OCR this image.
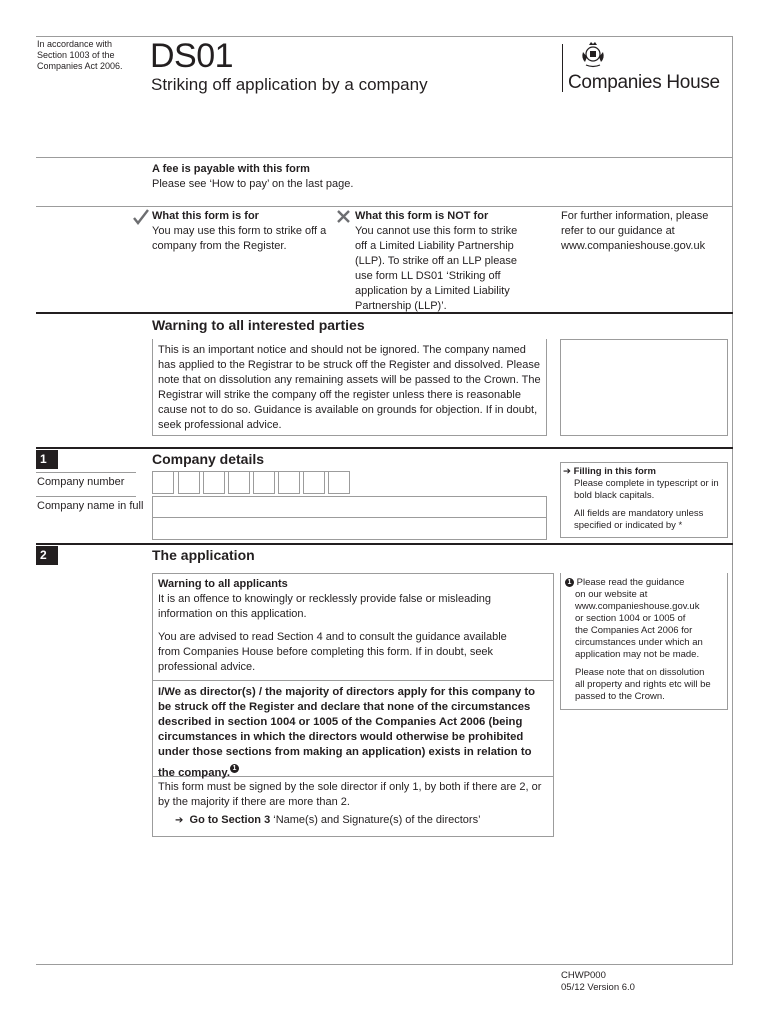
In accordance with
Section 1003 of the
Companies Act 2006. DS01
Striking off application by a company	Companies House
A fee is payable with this form
Please see ‘How to pay’ on the last page.
What this form is for
You may use this form to strike off a
company from the Register.
What this form is NOT for
You cannot use this form to strike
off a Limited Liability Partnership
(LLP). To strike off an LLP please
use form LL DS01 ‘Striking off
application by a Limited Liability
Partnership (LLP)’.
For further information, please
refer to our guidance at
www.companieshouse.gov.uk
Warning to all interested parties
This is an important notice and should not be ignored. The company named
has applied to the Registrar to be struck off the Register and dissolved. Please
note that on dissolution any remaining assets will be passed to the Crown. The
Registrar will strike the company off the register unless there is reasonable
cause not to do so. Guidance is available on grounds for objection. If in doubt,
seek professional advice.
1	Company details
Company number
Company name in full
➔ Filling in this form
Please complete in typescript or in
bold black capitals.
All fields are mandatory unless
specified or indicated by *
2	The application
Warning to all applicants
It is an offence to knowingly or recklessly provide false or misleading
information on this application.
You are advised to read Section 4 and to consult the guidance available
from Companies House before completing this form. If in doubt, seek
professional advice.
I/We as director(s) / the majority of directors apply for this company to
be struck off the Register and declare that none of the circumstances
described in section 1004 or 1005 of the Companies Act 2006 (being
circumstances in which the directors would otherwise be prohibited
under those sections from making an application) exists in relation to
the company. $^1$
This form must be signed by the sole director if only 1, by both if there are 2, or
by the majority if there are more than 2.
➔ Go to Section 3 ‘Name(s) and Signature(s) of the directors’
1 Please read the guidance
on our website at
www.companieshouse.gov.uk
or section 1004 or 1005 of
the Companies Act 2006 for
circumstances under which an
application may not be made.
Please note that on dissolution
all property and rights etc will be
passed to the Crown.
CHWP000
05/12 Version 6.0
